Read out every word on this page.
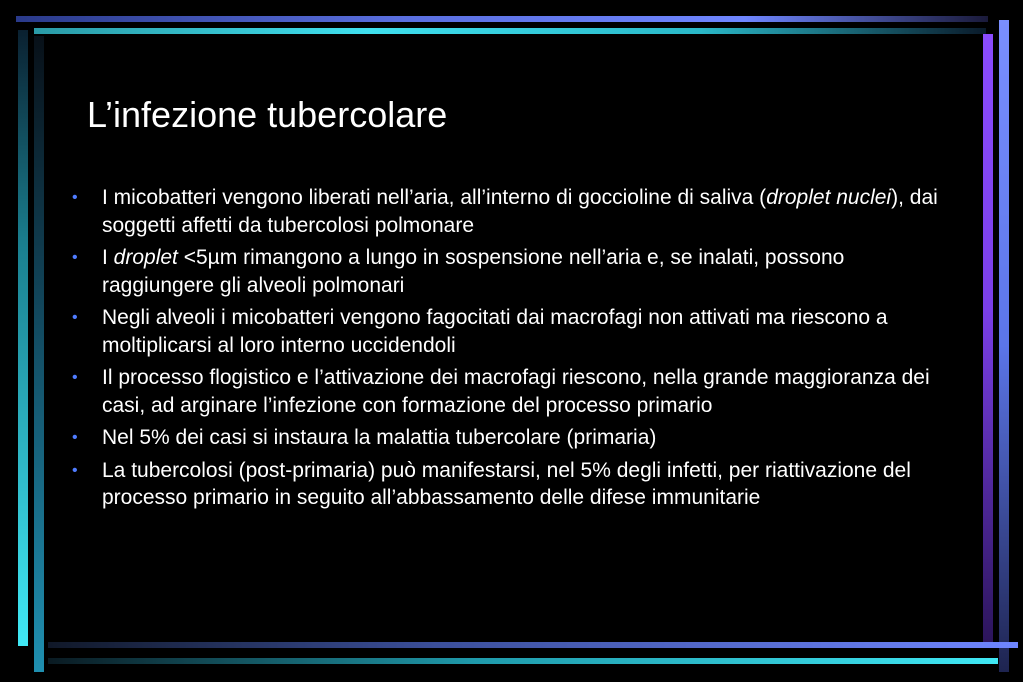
L’infezione tubercolare
• I micobatteri vengono liberati nell’aria, all’interno di goccioline di saliva (droplet nuclei), dai soggetti affetti da tubercolosi polmonare
• I droplet <5µm rimangono a lungo in sospensione nell’aria e, se inalati, possono raggiungere gli alveoli polmonari
• Negli alveoli i micobatteri vengono fagocitati dai macrofagi non attivati ma riescono a moltiplicarsi al loro interno uccidendoli
• Il processo flogistico e l’attivazione dei macrofagi riescono, nella grande maggioranza dei casi, ad arginare l’infezione con formazione del processo primario
• Nel 5% dei casi si instaura la malattia tubercolare (primaria)
• La tubercolosi (post-primaria) può manifestarsi, nel 5% degli infetti, per riattivazione del processo primario in seguito all’abbassamento delle difese immunitarie
